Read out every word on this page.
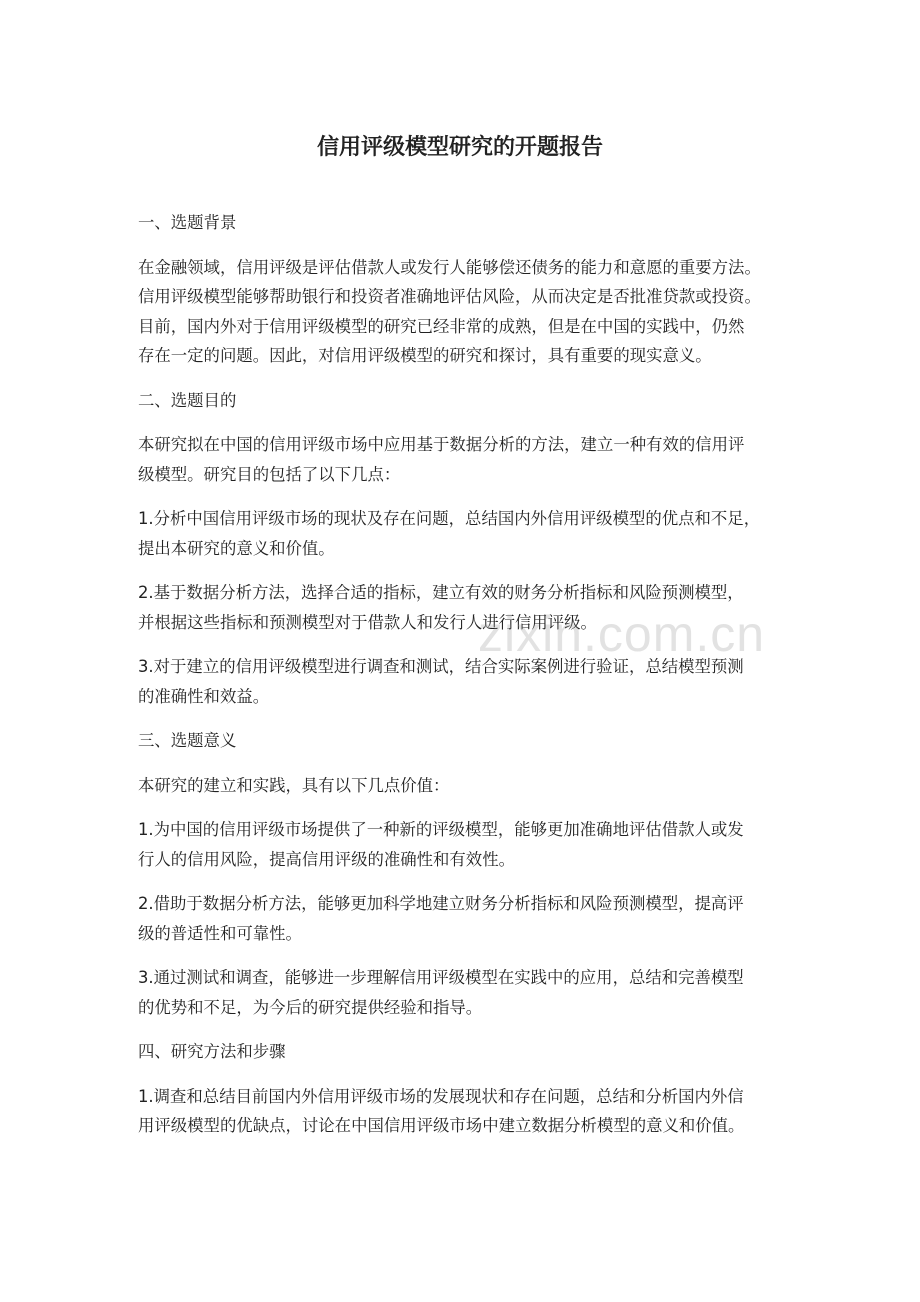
信用评级模型研究的开题报告
一、选题背景
在金融领域，信用评级是评估借款人或发行人能够偿还债务的能力和意愿的重要方法。
信用评级模型能够帮助银行和投资者准确地评估风险，从而决定是否批准贷款或投资。
目前，国内外对于信用评级模型的研究已经非常的成熟，但是在中国的实践中，仍然
存在一定的问题。因此，对信用评级模型的研究和探讨，具有重要的现实意义。
二、选题目的
本研究拟在中国的信用评级市场中应用基于数据分析的方法，建立一种有效的信用评
级模型。研究目的包括了以下几点：
1.分析中国信用评级市场的现状及存在问题，总结国内外信用评级模型的优点和不足，
提出本研究的意义和价值。
2.基于数据分析方法，选择合适的指标，建立有效的财务分析指标和风险预测模型，
并根据这些指标和预测模型对于借款人和发行人进行信用评级。
3.对于建立的信用评级模型进行调查和测试，结合实际案例进行验证，总结模型预测
的准确性和效益。
三、选题意义
本研究的建立和实践，具有以下几点价值：
1.为中国的信用评级市场提供了一种新的评级模型，能够更加准确地评估借款人或发
行人的信用风险，提高信用评级的准确性和有效性。
2.借助于数据分析方法，能够更加科学地建立财务分析指标和风险预测模型，提高评
级的普适性和可靠性。
3.通过测试和调查，能够进一步理解信用评级模型在实践中的应用，总结和完善模型
的优势和不足，为今后的研究提供经验和指导。
四、研究方法和步骤
1.调查和总结目前国内外信用评级市场的发展现状和存在问题，总结和分析国内外信
用评级模型的优缺点，讨论在中国信用评级市场中建立数据分析模型的意义和价值。
zixin.com.cn
